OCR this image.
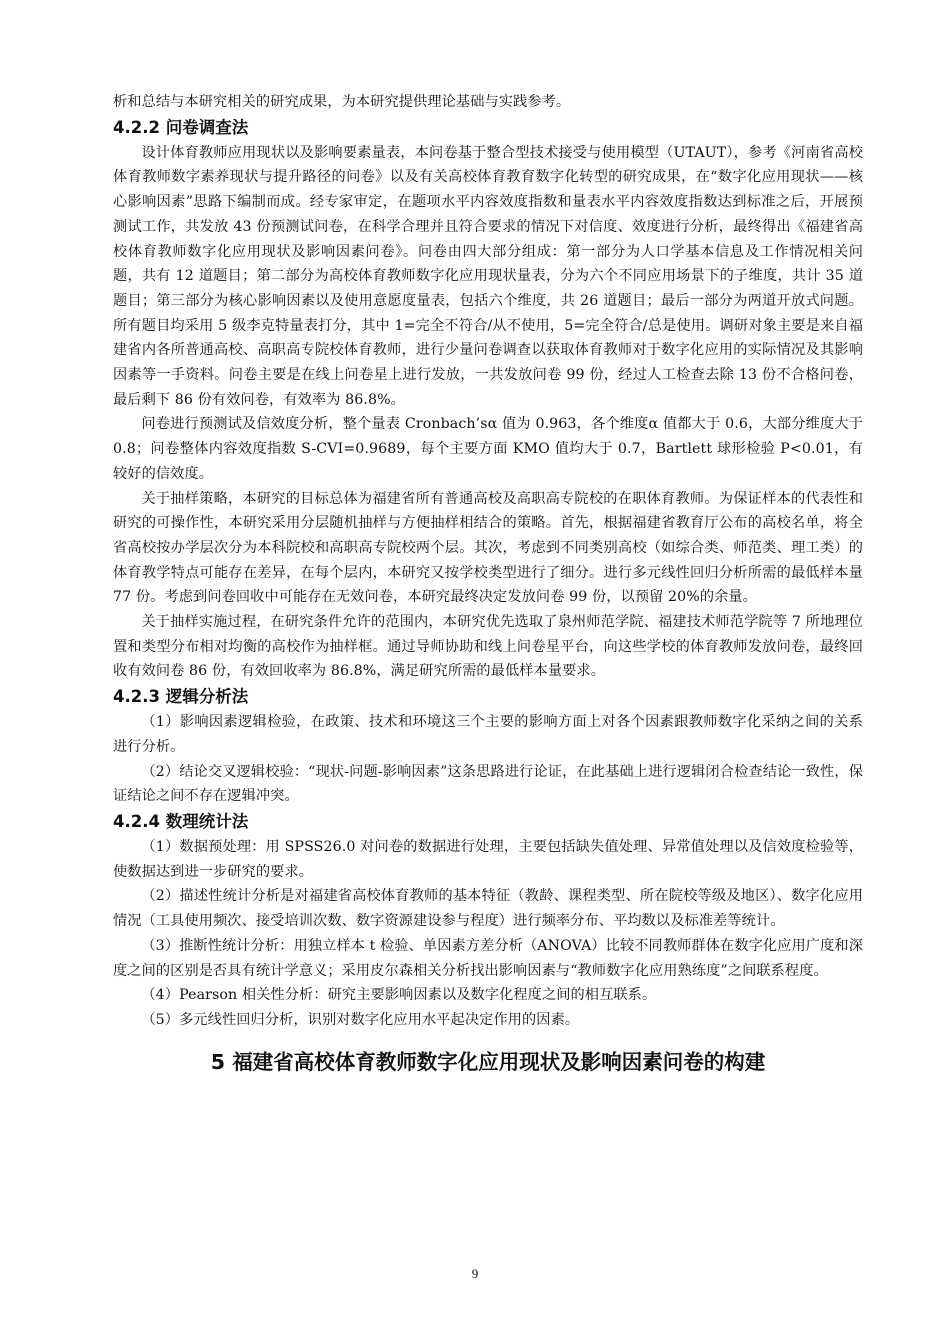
析和总结与本研究相关的研究成果，为本研究提供理论基础与实践参考。

4.2.2 问卷调查法

设计体育教师应用现状以及影响要素量表，本问卷基于整合型技术接受与使用模型（UTAUT），参考《河南省高校体育教师数字素养现状与提升路径的问卷》以及有关高校体育教育数字化转型的研究成果，在“数字化应用现状——核心影响因素”思路下编制而成。经专家审定，在题项水平内容效度指数和量表水平内容效度指数达到标准之后，开展预测试工作，共发放 43 份预测试问卷，在科学合理并且符合要求的情况下对信度、效度进行分析，最终得出《福建省高校体育教师数字化应用现状及影响因素问卷》。问卷由四大部分组成：第一部分为人口学基本信息及工作情况相关问题，共有 12 道题目；第二部分为高校体育教师数字化应用现状量表，分为六个不同应用场景下的子维度，共计 35 道题目；第三部分为核心影响因素以及使用意愿度量表，包括六个维度，共 26 道题目；最后一部分为两道开放式问题。所有题目均采用 5 级李克特量表打分，其中 1=完全不符合/从不使用，5=完全符合/总是使用。调研对象主要是来自福建省内各所普通高校、高职高专院校体育教师，进行少量问卷调查以获取体育教师对于数字化应用的实际情况及其影响因素等一手资料。问卷主要是在线上问卷星上进行发放，一共发放问卷 99 份，经过人工检查去除 13 份不合格问卷，最后剩下 86 份有效问卷，有效率为 86.8%。

问卷进行预测试及信效度分析，整个量表 Cronbach’sα 值为 0.963，各个维度α 值都大于 0.6，大部分维度大于 0.8；问卷整体内容效度指数 S-CVI=0.9689，每个主要方面 KMO 值均大于 0.7，Bartlett 球形检验 P<0.01，有较好的信效度。

关于抽样策略，本研究的目标总体为福建省所有普通高校及高职高专院校的在职体育教师。为保证样本的代表性和研究的可操作性，本研究采用分层随机抽样与方便抽样相结合的策略。首先，根据福建省教育厅公布的高校名单，将全省高校按办学层次分为本科院校和高职高专院校两个层。其次，考虑到不同类别高校（如综合类、师范类、理工类）的体育教学特点可能存在差异，在每个层内，本研究又按学校类型进行了细分。进行多元线性回归分析所需的最低样本量 77 份。考虑到问卷回收中可能存在无效问卷，本研究最终决定发放问卷 99 份，以预留 20%的余量。

关于抽样实施过程，在研究条件允许的范围内，本研究优先选取了泉州师范学院、福建技术师范学院等 7 所地理位置和类型分布相对均衡的高校作为抽样框。通过导师协助和线上问卷星平台，向这些学校的体育教师发放问卷，最终回收有效问卷 86 份，有效回收率为 86.8%，满足研究所需的最低样本量要求。

4.2.3 逻辑分析法

（1）影响因素逻辑检验，在政策、技术和环境这三个主要的影响方面上对各个因素跟教师数字化采纳之间的关系进行分析。

（2）结论交叉逻辑校验：“现状-问题-影响因素”这条思路进行论证，在此基础上进行逻辑闭合检查结论一致性，保证结论之间不存在逻辑冲突。

4.2.4 数理统计法

（1）数据预处理：用 SPSS26.0 对问卷的数据进行处理，主要包括缺失值处理、异常值处理以及信效度检验等，使数据达到进一步研究的要求。

（2）描述性统计分析是对福建省高校体育教师的基本特征（教龄、课程类型、所在院校等级及地区）、数字化应用情况（工具使用频次、接受培训次数、数字资源建设参与程度）进行频率分布、平均数以及标准差等统计。

（3）推断性统计分析：用独立样本 t 检验、单因素方差分析（ANOVA）比较不同教师群体在数字化应用广度和深度之间的区别是否具有统计学意义；采用皮尔森相关分析找出影响因素与“教师数字化应用熟练度”之间联系程度。

（4）Pearson 相关性分析：研究主要影响因素以及数字化程度之间的相互联系。

（5）多元线性回归分析，识别对数字化应用水平起决定作用的因素。

5 福建省高校体育教师数字化应用现状及影响因素问卷的构建
9
